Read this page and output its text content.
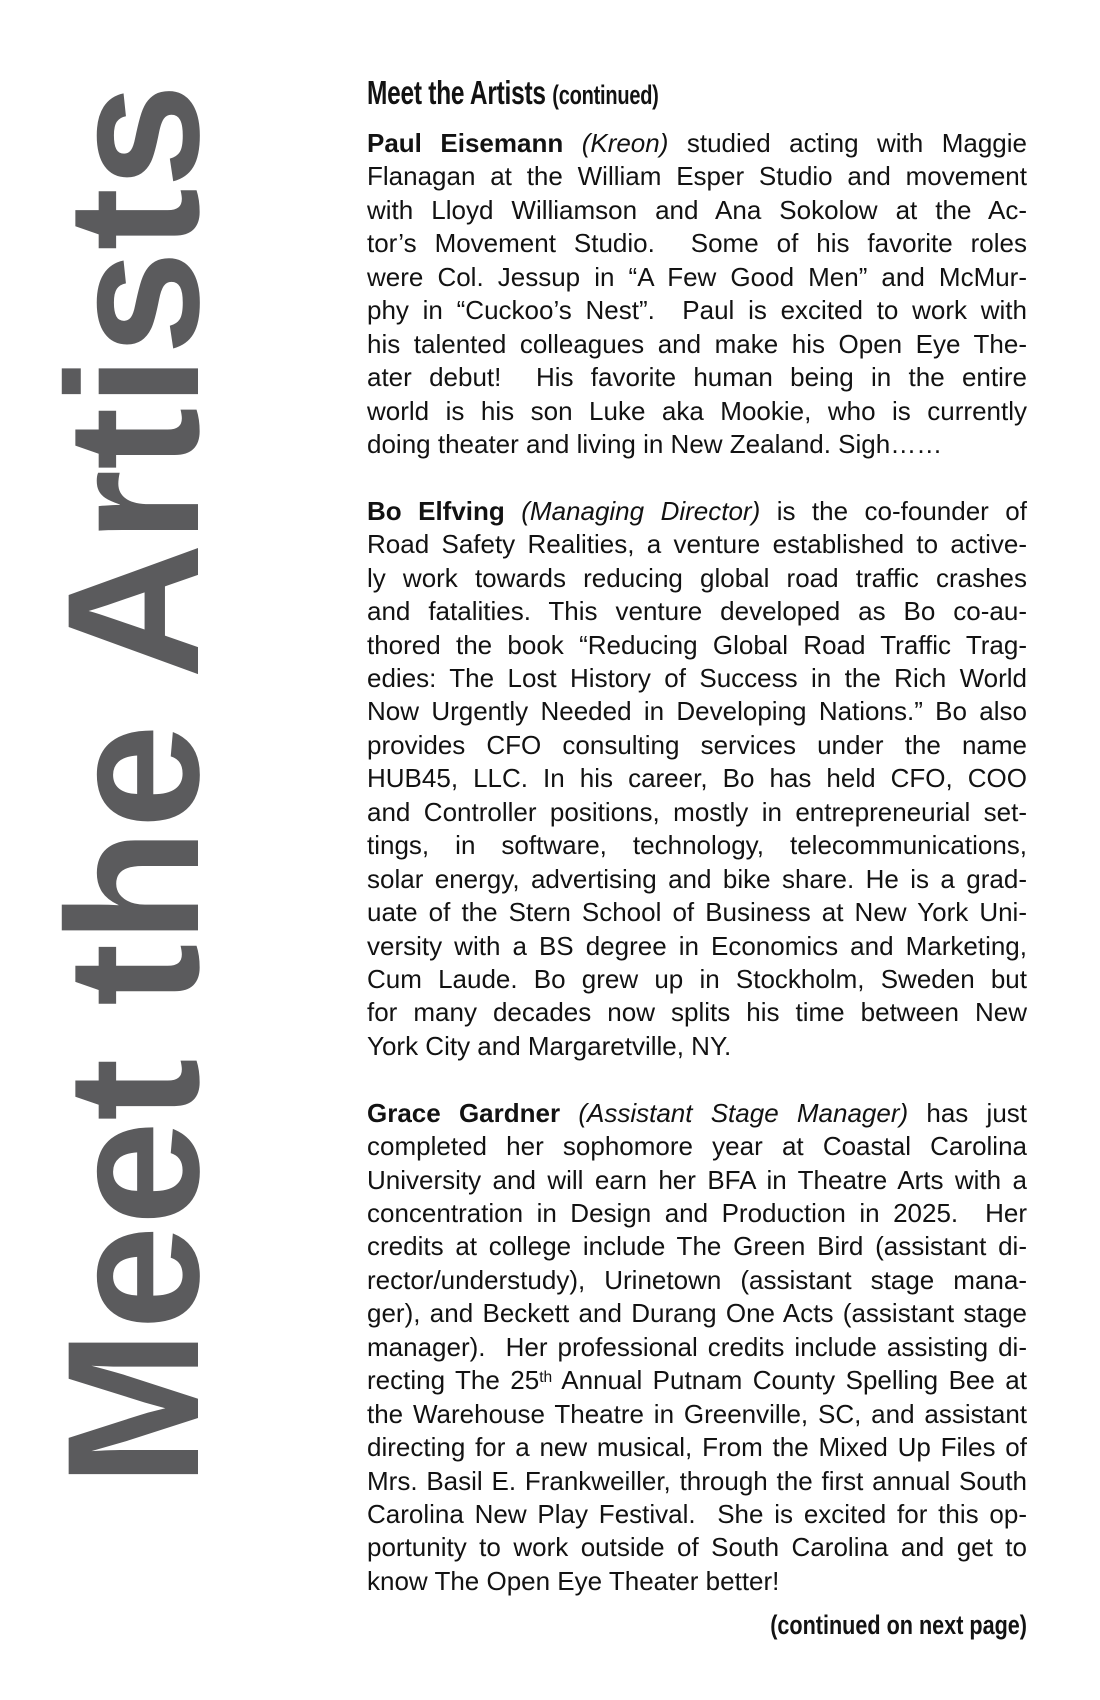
Meet the Artists	Meet the Artists (continued)
Paul Eisemann (Kreon) studied acting with Maggie
Flanagan at the William Esper Studio and movement
with Lloyd Williamson and Ana Sokolow at the Ac-
tor’s Movement Studio.  Some of his favorite roles
were Col. Jessup in “A Few Good Men” and McMur-
phy in “Cuckoo’s Nest”.  Paul is excited to work with
his talented colleagues and make his Open Eye The-
ater debut!  His favorite human being in the entire
world is his son Luke aka Mookie, who is currently
doing theater and living in New Zealand. Sigh……
Bo Elfving (Managing Director) is the co-founder of
Road Safety Realities, a venture established to active-
ly work towards reducing global road traffic crashes
and fatalities. This venture developed as Bo co-au-
thored the book “Reducing Global Road Traffic Trag-
edies: The Lost History of Success in the Rich World
Now Urgently Needed in Developing Nations.” Bo also
provides CFO consulting services under the name
HUB45, LLC. In his career, Bo has held CFO, COO
and Controller positions, mostly in entrepreneurial set-
tings, in software, technology, telecommunications,
solar energy, advertising and bike share. He is a grad-
uate of the Stern School of Business at New York Uni-
versity with a BS degree in Economics and Marketing,
Cum Laude. Bo grew up in Stockholm, Sweden but
for many decades now splits his time between New
York City and Margaretville, NY.
Grace Gardner (Assistant Stage Manager) has just
completed her sophomore year at Coastal Carolina
University and will earn her BFA in Theatre Arts with a
concentration in Design and Production in 2025.  Her
credits at college include The Green Bird (assistant di-
rector/understudy), Urinetown (assistant stage mana-
ger), and Beckett and Durang One Acts (assistant stage
manager).  Her professional credits include assisting di-
recting The 25th Annual Putnam County Spelling Bee at
the Warehouse Theatre in Greenville, SC, and assistant
directing for a new musical, From the Mixed Up Files of
Mrs. Basil E. Frankweiller, through the first annual South
Carolina New Play Festival.  She is excited for this op-
portunity to work outside of South Carolina and get to
know The Open Eye Theater better!
(continued on next page)
